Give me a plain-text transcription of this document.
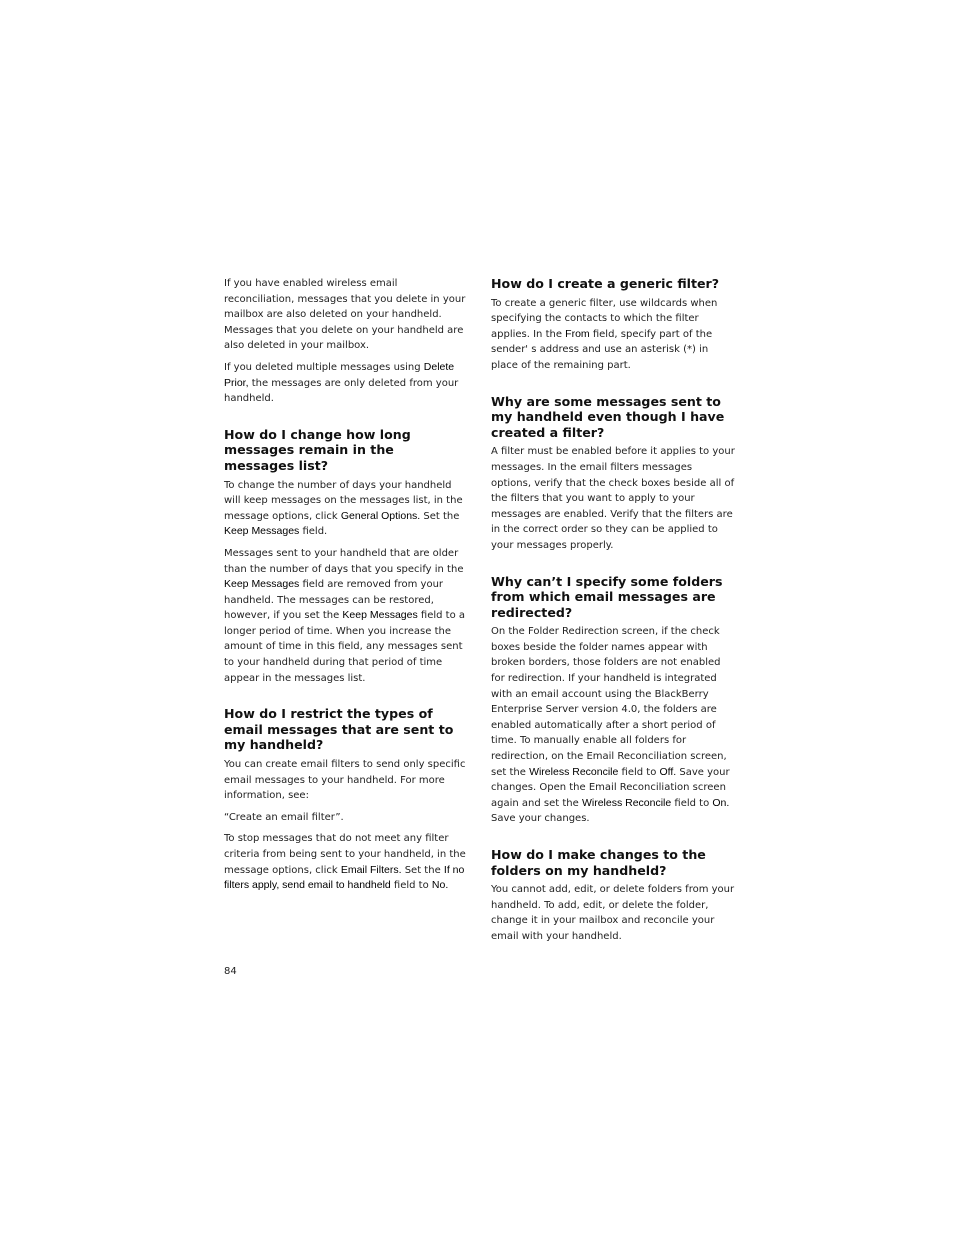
If you have enabled wireless email reconciliation, messages that you delete in your mailbox are also deleted on your handheld. Messages that you delete on your handheld are also deleted in your mailbox.

If you deleted multiple messages using Delete Prior, the messages are only deleted from your handheld.

How do I change how long messages remain in the messages list?

To change the number of days your handheld will keep messages on the messages list, in the message options, click General Options. Set the Keep Messages field.

Messages sent to your handheld that are older than the number of days that you specify in the Keep Messages field are removed from your handheld. The messages can be restored, however, if you set the Keep Messages field to a longer period of time. When you increase the amount of time in this field, any messages sent to your handheld during that period of time appear in the messages list.

How do I restrict the types of email messages that are sent to my handheld?

You can create email filters to send only specific email messages to your handheld. For more information, see:

“Create an email filter”.

To stop messages that do not meet any filter criteria from being sent to your handheld, in the message options, click Email Filters. Set the If no filters apply, send email to handheld field to No.

How do I create a generic filter?

To create a generic filter, use wildcards when specifying the contacts to which the filter applies. In the From field, specify part of the sender' s address and use an asterisk (*) in place of the remaining part.

Why are some messages sent to my handheld even though I have created a filter?

A filter must be enabled before it applies to your messages. In the email filters messages options, verify that the check boxes beside all of the filters that you want to apply to your messages are enabled. Verify that the filters are in the correct order so they can be applied to your messages properly.

Why can’t I specify some folders from which email messages are redirected?

On the Folder Redirection screen, if the check boxes beside the folder names appear with broken borders, those folders are not enabled for redirection. If your handheld is integrated with an email account using the BlackBerry Enterprise Server version 4.0, the folders are enabled automatically after a short period of time. To manually enable all folders for redirection, on the Email Reconciliation screen, set the Wireless Reconcile field to Off. Save your changes. Open the Email Reconciliation screen again and set the Wireless Reconcile field to On. Save your changes.

How do I make changes to the folders on my handheld?

You cannot add, edit, or delete folders from your handheld. To add, edit, or delete the folder, change it in your mailbox and reconcile your email with your handheld.

84
